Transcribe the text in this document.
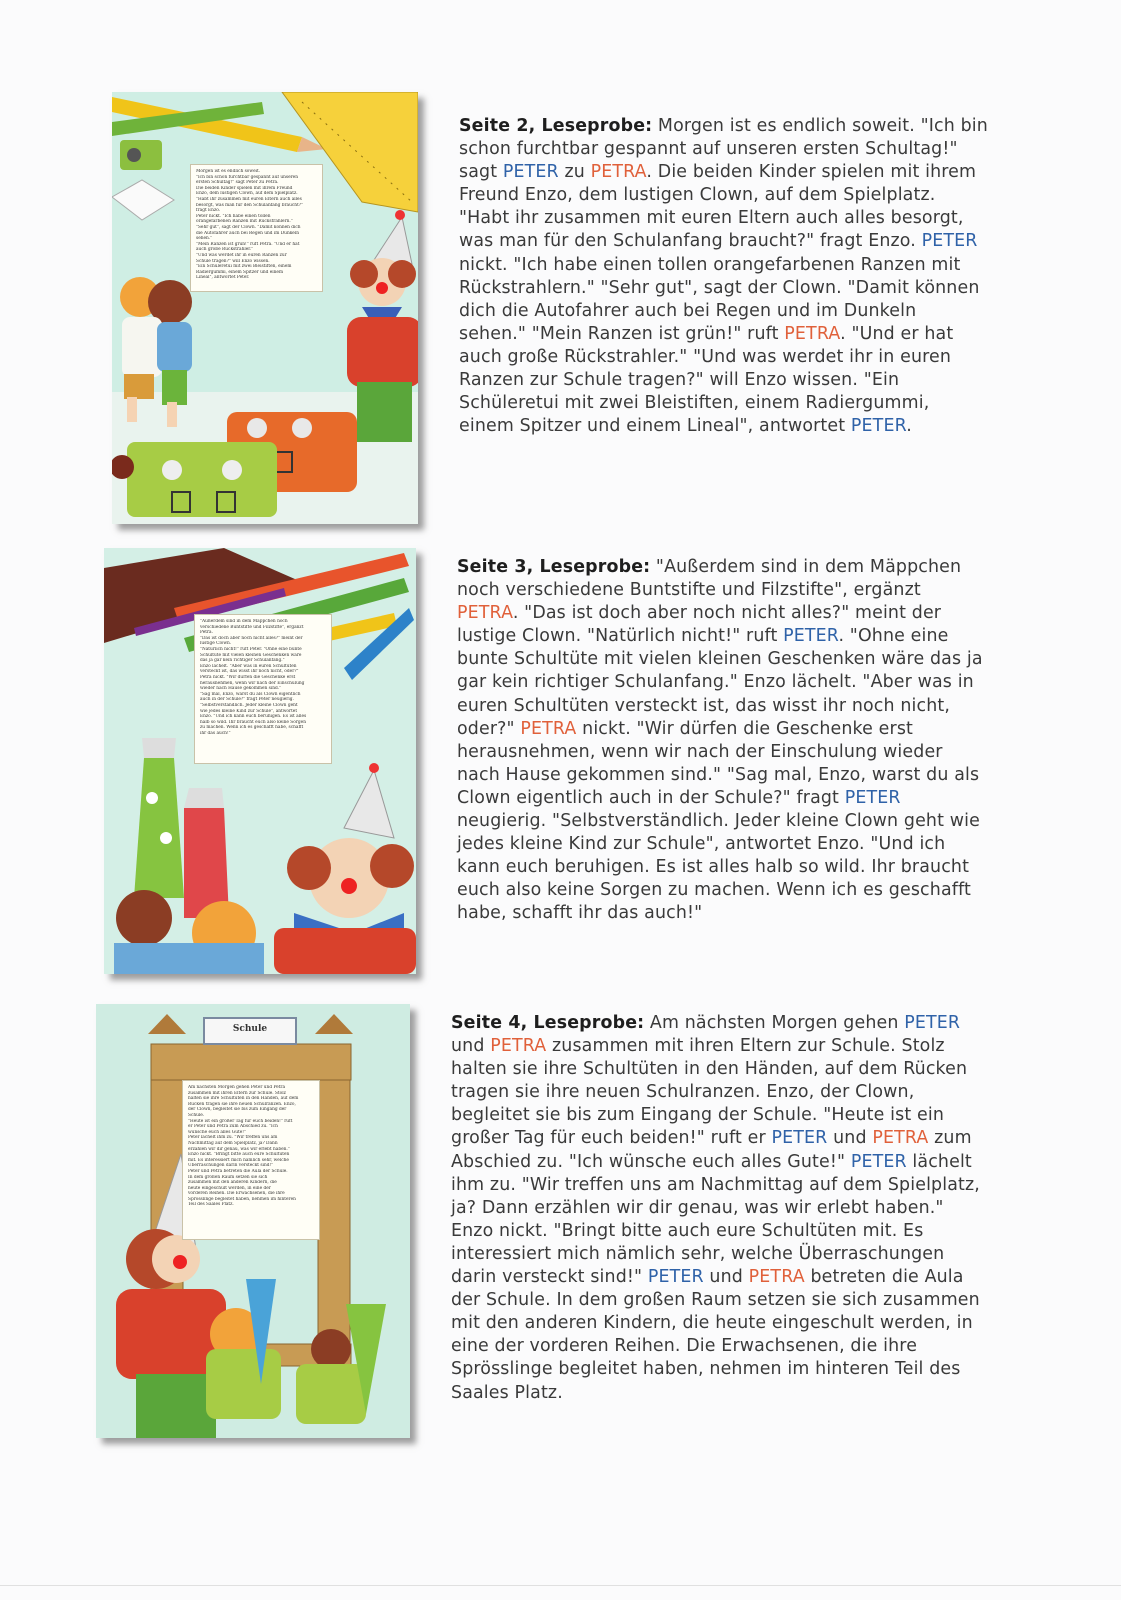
Morgen ist es endlich soweit.
"Ich bin schon furchtbar gespannt auf unseren
ersten Schultag!" sagt Peter zu Petra.
Die beiden Kinder spielen mit ihrem Freund
Enzo, dem lustigen Clown, auf dem Spielplatz.
"Habt ihr zusammen mit euren Eltern auch alles
besorgt, was man für den Schulanfang braucht?"
fragt Enzo.
Peter nickt. "Ich habe einen tollen
orangefarbenen Ranzen mit Rückstrahlern."
"Sehr gut", sagt der Clown. "Damit können dich
die Autofahrer auch bei Regen und im Dunkeln
sehen."
"Mein Ranzen ist grün!" ruft Petra. "Und er hat
auch große Rückstrahler."
"Und was werdet ihr in euren Ranzen zur
Schule tragen?" will Enzo wissen.
"Ein Schüleretui mit zwei Bleistiften, einem
Radiergummi, einem Spitzer und einem
Lineal", antwortet Peter.
Seite 2, Leseprobe: Morgen ist es endlich soweit. "Ich bin schon furchtbar gespannt auf unseren ersten Schultag!" sagt PETER zu PETRA. Die beiden Kinder spielen mit ihrem Freund Enzo, dem lustigen Clown, auf dem Spielplatz. "Habt ihr zusammen mit euren Eltern auch alles besorgt, was man für den Schulanfang braucht?" fragt Enzo. PETER nickt. "Ich habe einen tollen orangefarbenen Ranzen mit Rückstrahlern." "Sehr gut", sagt der Clown. "Damit können dich die Autofahrer auch bei Regen und im Dunkeln sehen." "Mein Ranzen ist grün!" ruft PETRA. "Und er hat auch große Rückstrahler." "Und was werdet ihr in euren Ranzen zur Schule tragen?" will Enzo wissen. "Ein Schüleretui mit zwei Bleistiften, einem Radiergummi, einem Spitzer und einem Lineal", antwortet PETER.
"Außerdem sind in dem Mäppchen noch
verschiedene Buntstifte und Filzstifte", ergänzt
Petra.
"Das ist doch aber noch nicht alles?" meint der
lustige Clown.
"Natürlich nicht!" ruft Peter. "Ohne eine bunte
Schultüte mit vielen kleinen Geschenken wäre
das ja gar kein richtiger Schulanfang."
Enzo lächelt. "Aber was in euren Schultüten
versteckt ist, das wisst ihr noch nicht, oder?"
Petra nickt. "Wir dürfen die Geschenke erst
herausnehmen, wenn wir nach der Einschulung
wieder nach Hause gekommen sind."
"Sag mal, Enzo, warst du als Clown eigentlich
auch in der Schule?" fragt Peter neugierig.
"Selbstverständlich. Jeder kleine Clown geht
wie jedes kleine Kind zur Schule", antwortet
Enzo. "Und ich kann euch beruhigen. Es ist alles
halb so wild. Ihr braucht euch also keine Sorgen
zu machen. Wenn ich es geschafft habe, schafft
ihr das auch!"
Seite 3, Leseprobe: "Außerdem sind in dem Mäppchen noch verschiedene Buntstifte und Filzstifte", ergänzt PETRA. "Das ist doch aber noch nicht alles?" meint der lustige Clown. "Natürlich nicht!" ruft PETER. "Ohne eine bunte Schultüte mit vielen kleinen Geschenken wäre das ja gar kein richtiger Schulanfang." Enzo lächelt. "Aber was in euren Schultüten versteckt ist, das wisst ihr noch nicht, oder?" PETRA nickt. "Wir dürfen die Geschenke erst herausnehmen, wenn wir nach der Einschulung wieder nach Hause gekommen sind." "Sag mal, Enzo, warst du als Clown eigentlich auch in der Schule?" fragt PETER neugierig. "Selbstverständlich. Jeder kleine Clown geht wie jedes kleine Kind zur Schule", antwortet Enzo. "Und ich kann euch beruhigen. Es ist alles halb so wild. Ihr braucht euch also keine Sorgen zu machen. Wenn ich es geschafft habe, schafft ihr das auch!"
Schule
Am nächsten Morgen gehen Peter und Petra
zusammen mit ihren Eltern zur Schule. Stolz
halten sie ihre Schultüten in den Händen, auf dem
Rücken tragen sie ihre neuen Schulranzen. Enzo,
der Clown, begleitet sie bis zum Eingang der
Schule.
"Heute ist ein großer Tag für euch beiden!" ruft
er Peter und Petra zum Abschied zu. "Ich
wünsche euch alles Gute!"
Peter lächelt ihm zu. "Wir treffen uns am
Nachmittag auf dem Spielplatz, ja? Dann
erzählen wir dir genau, was wir erlebt haben."
Enzo nickt. "Bringt bitte auch eure Schultüten
mit. Es interessiert mich nämlich sehr, welche
Überraschungen darin versteckt sind!"
Peter und Petra betreten die Aula der Schule.
In dem großen Raum setzen sie sich
zusammen mit den anderen Kindern, die
heute eingeschult werden, in eine der
vorderen Reihen. Die Erwachsenen, die ihre
Sprösslinge begleitet haben, nehmen im hinteren
Teil des Saales Platz.
Seite 4, Leseprobe: Am nächsten Morgen gehen PETER und PETRA zusammen mit ihren Eltern zur Schule. Stolz halten sie ihre Schultüten in den Händen, auf dem Rücken tragen sie ihre neuen Schulranzen. Enzo, der Clown, begleitet sie bis zum Eingang der Schule. "Heute ist ein großer Tag für euch beiden!" ruft er PETER und PETRA zum Abschied zu. "Ich wünsche euch alles Gute!" PETER lächelt ihm zu. "Wir treffen uns am Nachmittag auf dem Spielplatz, ja? Dann erzählen wir dir genau, was wir erlebt haben." Enzo nickt. "Bringt bitte auch eure Schultüten mit. Es interessiert mich nämlich sehr, welche Überraschungen darin versteckt sind!" PETER und PETRA betreten die Aula der Schule. In dem großen Raum setzen sie sich zusammen mit den anderen Kindern, die heute eingeschult werden, in eine der vorderen Reihen. Die Erwachsenen, die ihre Sprösslinge begleitet haben, nehmen im hinteren Teil des Saales Platz.
